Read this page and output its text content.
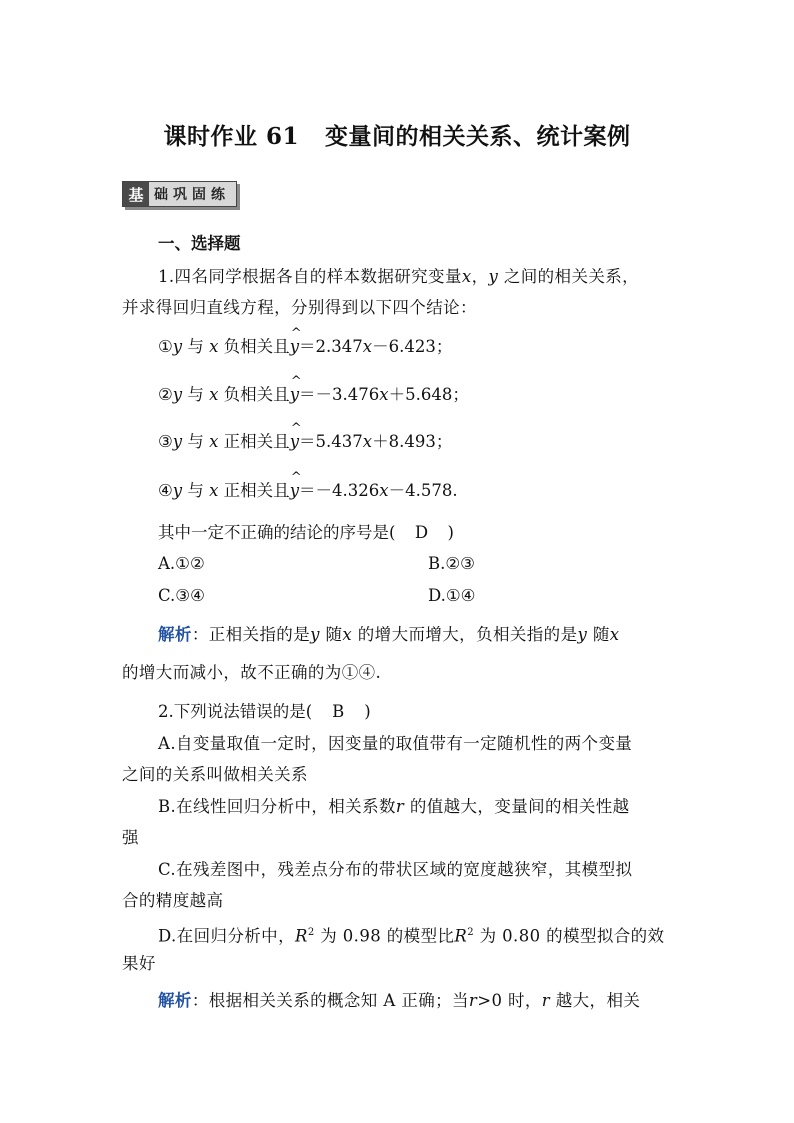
课时作业 61 变量间的相关关系、统计案例
基 础巩固练
一、选择题
1.四名同学根据各自的样本数据研究变量x，y 之间的相关关系，
并求得回归直线方程，分别得到以下四个结论：
①y 与 x 负相关且^ y＝2.347x－6.423；
②y 与 x 负相关且^ y＝－3.476x＋5.648；
③y 与 x 正相关且^ y＝5.437x＋8.493；
④y 与 x 正相关且^ y＝－4.326x－4.578.
其中一定不正确的结论的序号是( D )
A.①②	B.②③
C.③④	D.①④
解析：正相关指的是y 随x 的增大而增大，负相关指的是y 随x
的增大而减小，故不正确的为①④.
2.下列说法错误的是( B )
A.自变量取值一定时，因变量的取值带有一定随机性的两个变量
之间的关系叫做相关关系
B.在线性回归分析中，相关系数r 的值越大，变量间的相关性越
强
C.在残差图中，残差点分布的带状区域的宽度越狭窄，其模型拟
合的精度越高
D.在回归分析中，$R^2$ 为 0.98 的模型比$R^2$ 为 0.80 的模型拟合的效
果好
解析：根据相关关系的概念知 A 正确；当r>0 时，r 越大，相关
